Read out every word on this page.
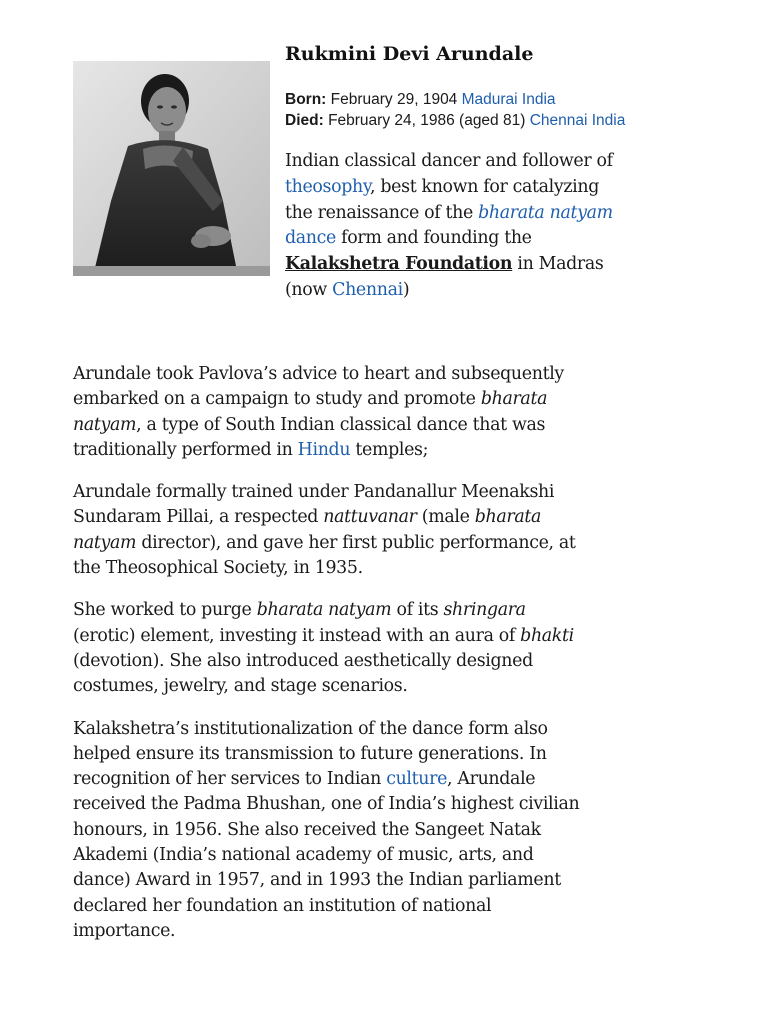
Rukmini Devi Arundale
Born: February 29, 1904 Madurai India
Died: February 24, 1986 (aged 81) Chennai India

Indian classical dancer and follower of
theosophy, best known for catalyzing
the renaissance of the bharata natyam
dance form and founding the
Kalakshetra Foundation in Madras
(now Chennai)

Arundale took Pavlova’s advice to heart and subsequently
embarked on a campaign to study and promote bharata
natyam, a type of South Indian classical dance that was
traditionally performed in Hindu temples;

Arundale formally trained under Pandanallur Meenakshi
Sundaram Pillai, a respected nattuvanar (male bharata
natyam director), and gave her first public performance, at
the Theosophical Society, in 1935.

She worked to purge bharata natyam of its shringara
(erotic) element, investing it instead with an aura of bhakti
(devotion). She also introduced aesthetically designed
costumes, jewelry, and stage scenarios.

Kalakshetra’s institutionalization of the dance form also
helped ensure its transmission to future generations. In
recognition of her services to Indian culture, Arundale
received the Padma Bhushan, one of India’s highest civilian
honours, in 1956. She also received the Sangeet Natak
Akademi (India’s national academy of music, arts, and
dance) Award in 1957, and in 1993 the Indian parliament
declared her foundation an institution of national
importance.
